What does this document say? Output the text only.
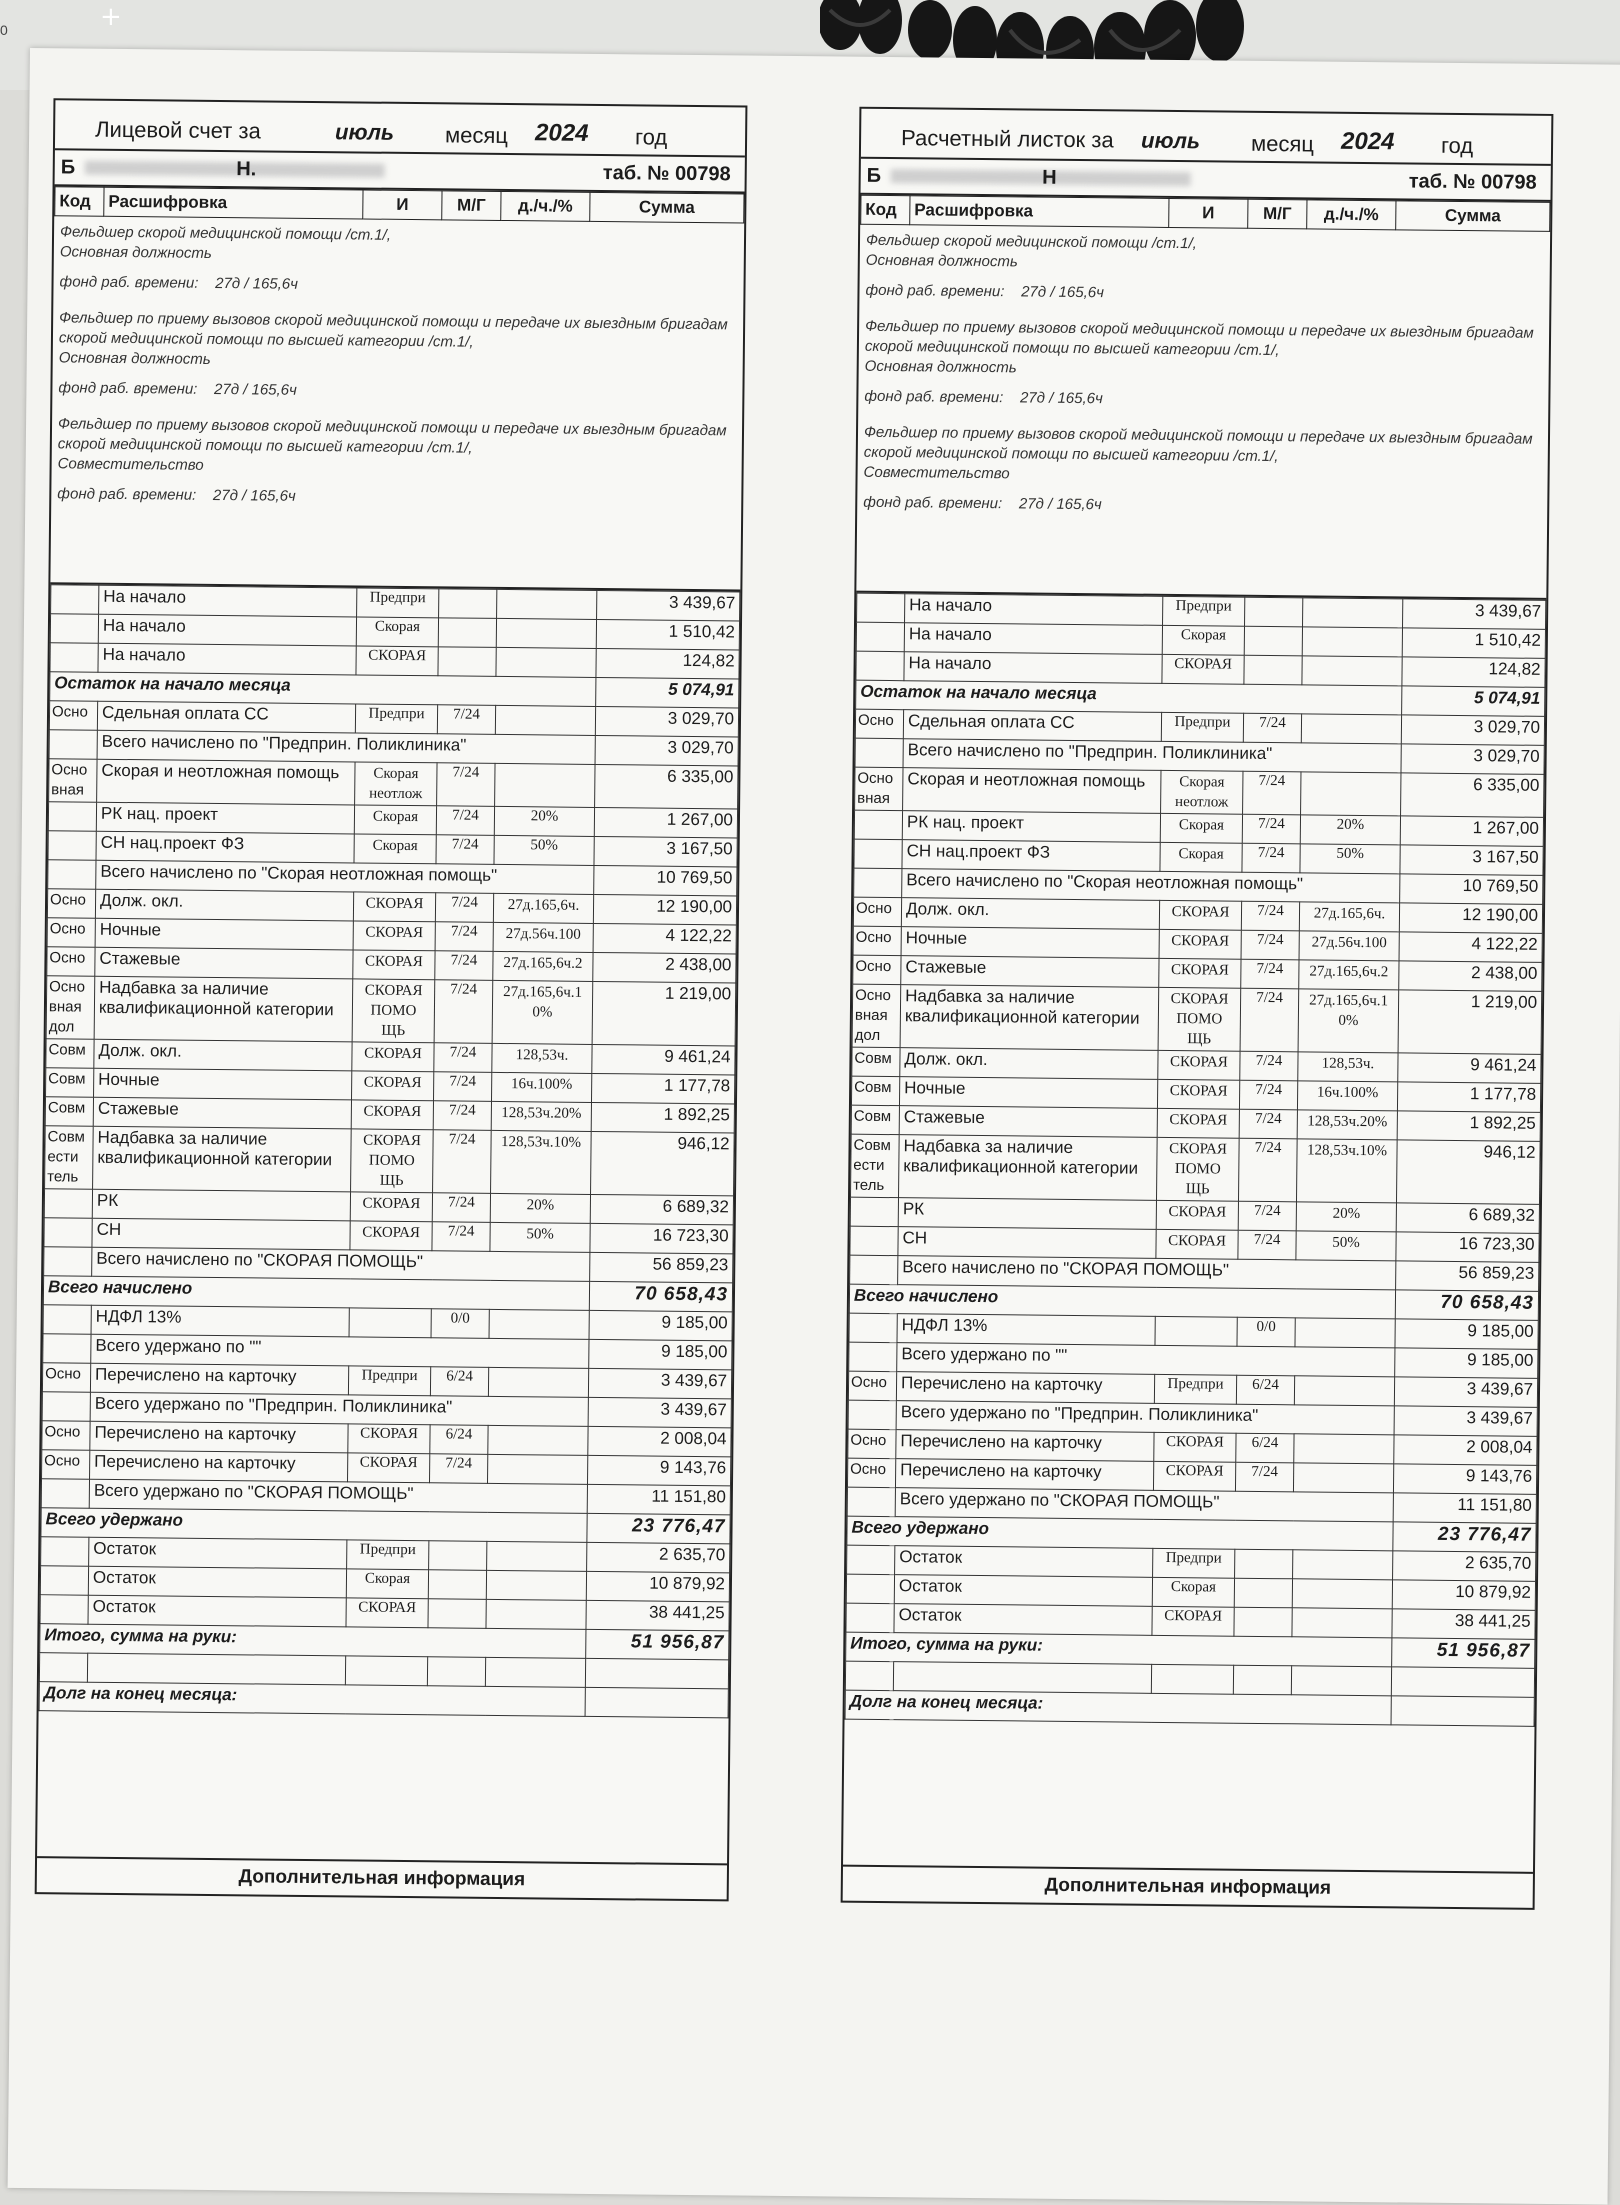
0	+
Лицевой счет за	июль месяц 2024 год
Б	Н.	таб. № 00798
Код	Расшифровка	И	М/Г	д./ч./%	Сумма

Фельдшер скорой медицинской помощи /ст.1/,
Основная должность

фонд раб. времени: 27д / 165,6ч

Фельдшер по приему вызовов скорой медицинской помощи и передаче их выездным бригадам скорой медицинской помощи по высшей категории /ст.1/,
Основная должность

фонд раб. времени: 27д / 165,6ч

Фельдшер по приему вызовов скорой медицинской помощи и передаче их выездным бригадам скорой медицинской помощи по высшей категории /ст.1/,
Совместительство

фонд раб. времени: 27д / 165,6ч

	На начало	Предпри			3 439,67
	На начало	Скорая			1 510,42
	На начало	СКОРАЯ			124,82
Остаток на начало месяца					5 074,91
Осно	Сдельная оплата СС	Предпри	7/24		3 029,70
	Всего начислено по "Предприн. Поликлиника"				3 029,70
Осно вная	Скорая и неотложная помощь	Скорая неотлож	7/24		6 335,00
	РК нац. проект	Скорая	7/24	20%	1 267,00
	СН нац.проект ФЗ	Скорая	7/24	50%	3 167,50
	Всего начислено по "Скорая неотложная помощь"				10 769,50
Осно	Долж. окл.	СКОРАЯ	7/24	27д.165,6ч.	12 190,00
Осно	Ночные	СКОРАЯ	7/24	27д.56ч.100	4 122,22
Осно	Стажевые	СКОРАЯ	7/24	27д.165,6ч.2	2 438,00
Осно вная дол	Надбавка за наличие квалификационной категории	СКОРАЯ ПОМО ЩЬ	7/24	27д.165,6ч.1 0%	1 219,00
Совм	Долж. окл.	СКОРАЯ	7/24	128,53ч.	9 461,24
Совм	Ночные	СКОРАЯ	7/24	16ч.100%	1 177,78
Совм	Стажевые	СКОРАЯ	7/24	128,53ч.20%	1 892,25
Совм ести тель	Надбавка за наличие квалификационной категории	СКОРАЯ ПОМО ЩЬ	7/24	128,53ч.10%	946,12
	РК	СКОРАЯ	7/24	20%	6 689,32
	СН	СКОРАЯ	7/24	50%	16 723,30
	Всего начислено по "СКОРАЯ ПОМОЩЬ"				56 859,23
Всего начислено					70 658,43
	НДФЛ 13%		0/0		9 185,00
	Всего удержано по ""				9 185,00
Осно	Перечислено на карточку	Предпри	6/24		3 439,67
	Всего удержано по "Предприн. Поликлиника"				3 439,67
Осно	Перечислено на карточку	СКОРАЯ	6/24		2 008,04
Осно	Перечислено на карточку	СКОРАЯ	7/24		9 143,76
	Всего удержано по "СКОРАЯ ПОМОЩЬ"				11 151,80
Всего удержано					23 776,47
	Остаток	Предпри			2 635,70
	Остаток	Скорая			10 879,92
	Остаток	СКОРАЯ			38 441,25
Итого, сумма на руки:					51 956,87

Долг на конец месяца:					
Дополнительная информация
Расчетный листок за июль месяц 2024 год
Б	Н	таб. № 00798
Код	Расшифровка	И	М/Г	д./ч./%	Сумма

Фельдшер скорой медицинской помощи /ст.1/,
Основная должность

фонд раб. времени: 27д / 165,6ч

Фельдшер по приему вызовов скорой медицинской помощи и передаче их выездным бригадам скорой медицинской помощи по высшей категории /ст.1/,
Основная должность

фонд раб. времени: 27д / 165,6ч

Фельдшер по приему вызовов скорой медицинской помощи и передаче их выездным бригадам скорой медицинской помощи по высшей категории /ст.1/,
Совместительство

фонд раб. времени: 27д / 165,6ч

	На начало	Предпри			3 439,67
	На начало	Скорая			1 510,42
	На начало	СКОРАЯ			124,82
Остаток на начало месяца					5 074,91
Осно	Сдельная оплата СС	Предпри	7/24		3 029,70
	Всего начислено по "Предприн. Поликлиника"				3 029,70
Осно вная	Скорая и неотложная помощь	Скорая неотлож	7/24		6 335,00
	РК нац. проект	Скорая	7/24	20%	1 267,00
	СН нац.проект ФЗ	Скорая	7/24	50%	3 167,50
	Всего начислено по "Скорая неотложная помощь"				10 769,50
Осно	Долж. окл.	СКОРАЯ	7/24	27д.165,6ч.	12 190,00
Осно	Ночные	СКОРАЯ	7/24	27д.56ч.100	4 122,22
Осно	Стажевые	СКОРАЯ	7/24	27д.165,6ч.2	2 438,00
Осно вная дол	Надбавка за наличие квалификационной категории	СКОРАЯ ПОМО ЩЬ	7/24	27д.165,6ч.1 0%	1 219,00
Совм	Долж. окл.	СКОРАЯ	7/24	128,53ч.	9 461,24
Совм	Ночные	СКОРАЯ	7/24	16ч.100%	1 177,78
Совм	Стажевые	СКОРАЯ	7/24	128,53ч.20%	1 892,25
Совм ести тель	Надбавка за наличие квалификационной категории	СКОРАЯ ПОМО ЩЬ	7/24	128,53ч.10%	946,12
	РК	СКОРАЯ	7/24	20%	6 689,32
	СН	СКОРАЯ	7/24	50%	16 723,30
	Всего начислено по "СКОРАЯ ПОМОЩЬ"				56 859,23
Всего начислено					70 658,43
	НДФЛ 13%		0/0		9 185,00
	Всего удержано по ""				9 185,00
Осно	Перечислено на карточку	Предпри	6/24		3 439,67
	Всего удержано по "Предприн. Поликлиника"				3 439,67
Осно	Перечислено на карточку	СКОРАЯ	6/24		2 008,04
Осно	Перечислено на карточку	СКОРАЯ	7/24		9 143,76
	Всего удержано по "СКОРАЯ ПОМОЩЬ"				11 151,80
Всего удержано					23 776,47
	Остаток	Предпри			2 635,70
	Остаток	Скорая			10 879,92
	Остаток	СКОРАЯ			38 441,25
Итого, сумма на руки:					51 956,87

Долг на конец месяца:					
Дополнительная информация
